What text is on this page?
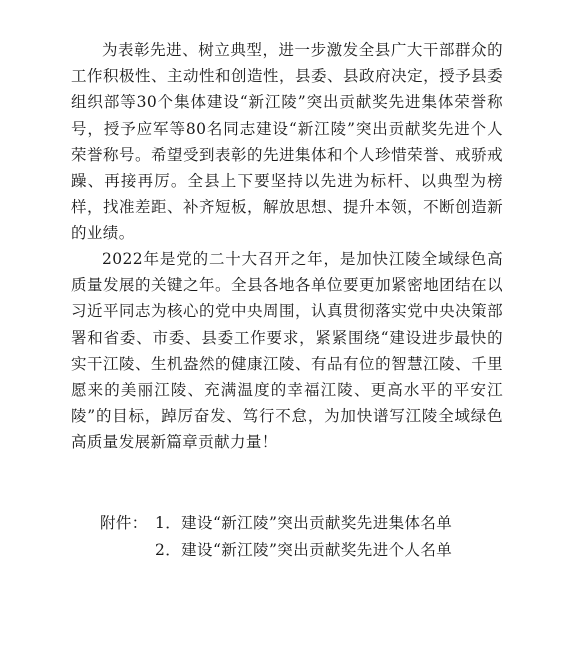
为表彰先进、树立典型，进一步激发全县广大干部群众的工作积极性、主动性和创造性，县委、县政府决定，授予县委组织部等30个集体建设“新江陵”突出贡献奖先进集体荣誉称号，授予应军等80名同志建设“新江陵”突出贡献奖先进个人荣誉称号。希望受到表彰的先进集体和个人珍惜荣誉、戒骄戒躁、再接再厉。全县上下要坚持以先进为标杆、以典型为榜样，找准差距、补齐短板，解放思想、提升本领，不断创造新的业绩。

2022年是党的二十大召开之年，是加快江陵全域绿色高质量发展的关键之年。全县各地各单位要更加紧密地团结在以习近平同志为核心的党中央周围，认真贯彻落实党中央决策部署和省委、市委、县委工作要求，紧紧围绕“建设进步最快的实干江陵、生机盎然的健康江陵、有品有位的智慧江陵、千里愿来的美丽江陵、充满温度的幸福江陵、更高水平的平安江陵”的目标，踔厉奋发、笃行不怠，为加快谱写江陵全域绿色高质量发展新篇章贡献力量！

附件： 1．建设“新江陵”突出贡献奖先进集体名单
2．建设“新江陵”突出贡献奖先进个人名单
